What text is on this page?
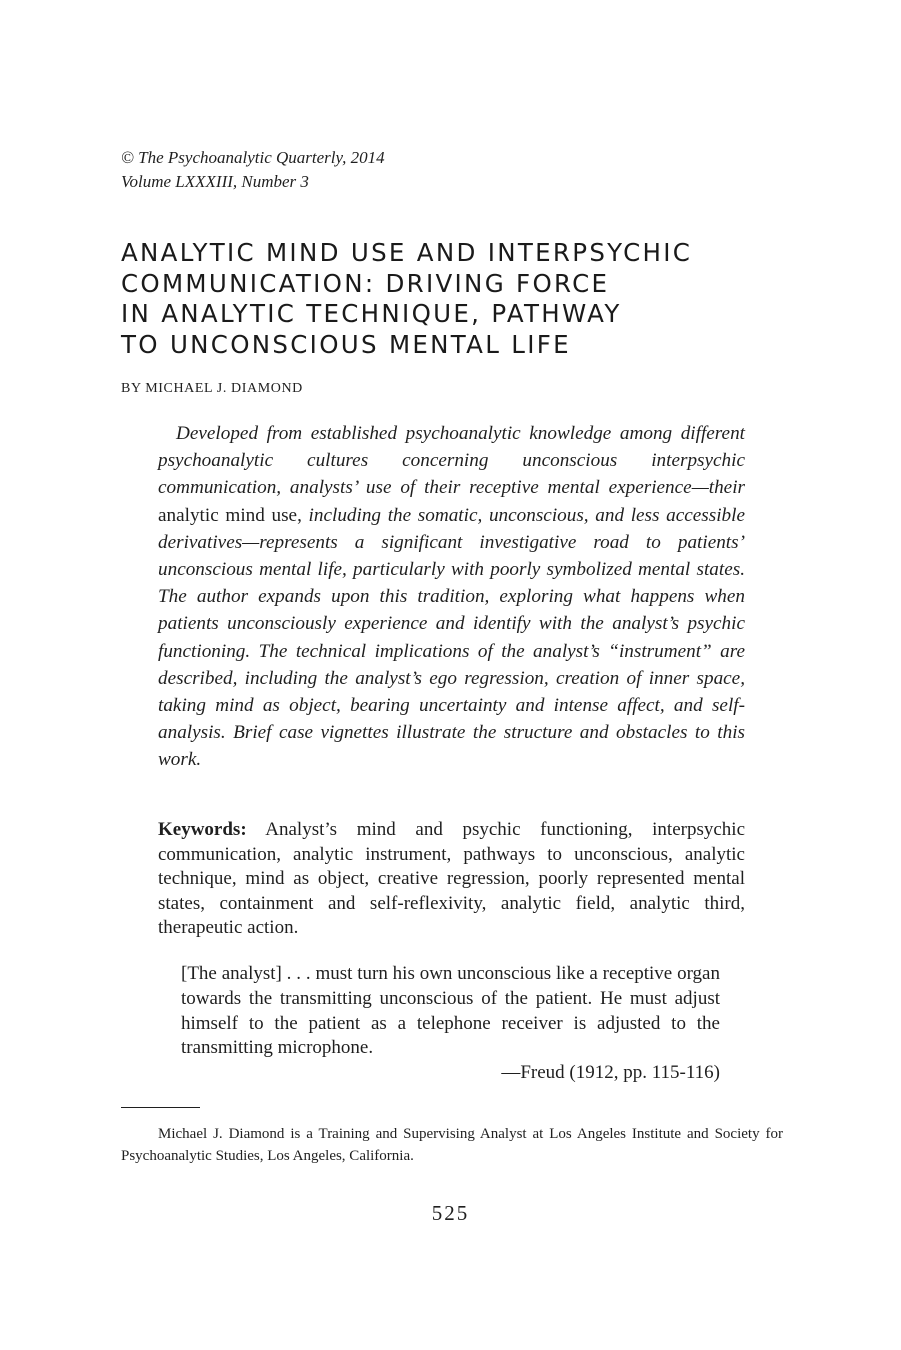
© The Psychoanalytic Quarterly, 2014
Volume LXXXIII, Number 3
ANALYTIC MIND USE AND INTERPSYCHIC
COMMUNICATION: DRIVING FORCE
IN ANALYTIC TECHNIQUE, PATHWAY
TO UNCONSCIOUS MENTAL LIFE
BY MICHAEL J. DIAMOND

Developed from established psychoanalytic knowledge among different psychoanalytic cultures concerning unconscious interpsychic communication, analysts’ use of their receptive mental experience—their analytic mind use, including the somatic, unconscious, and less accessible derivatives—represents a significant investigative road to patients’ unconscious mental life, particularly with poorly symbolized mental states. The author expands upon this tradition, exploring what happens when patients unconsciously experience and identify with the analyst’s psychic functioning. The technical implications of the analyst’s “instrument” are described, including the analyst’s ego regression, creation of inner space, taking mind as object, bearing uncertainty and intense affect, and self-analysis. Brief case vignettes illustrate the structure and obstacles to this work.

Keywords: Analyst’s mind and psychic functioning, interpsychic communication, analytic instrument, pathways to unconscious, analytic technique, mind as object, creative regression, poorly represented mental states, containment and self-reflexivity, analytic field, analytic third, therapeutic action.

[The analyst] . . . must turn his own unconscious like a receptive organ towards the transmitting unconscious of the patient. He must adjust himself to the patient as a telephone receiver is adjusted to the transmitting microphone.

—Freud (1912, pp. 115-116)

Michael J. Diamond is a Training and Supervising Analyst at Los Angeles Institute and Society for Psychoanalytic Studies, Los Angeles, California.

525
